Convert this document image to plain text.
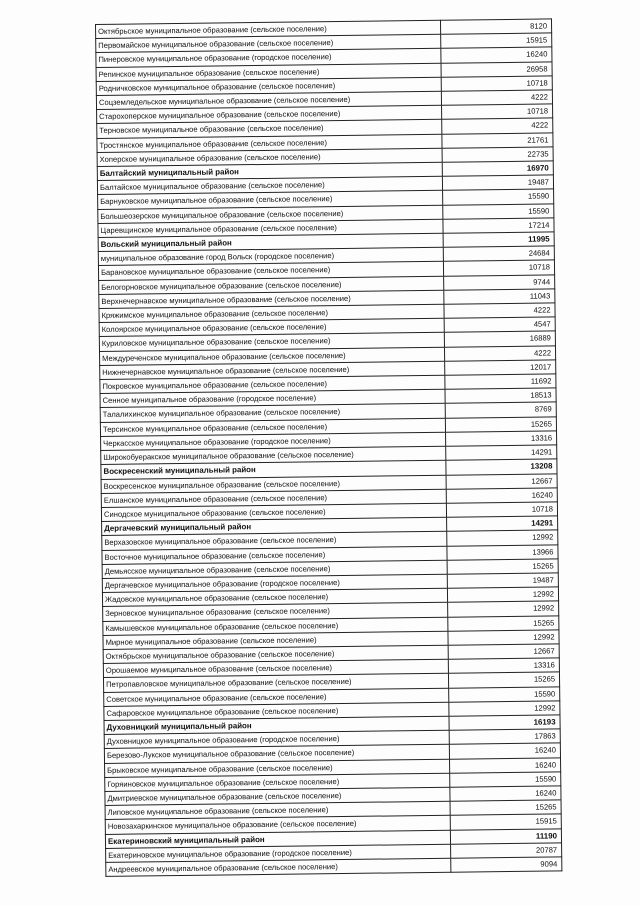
Октябрьское муниципальное образование (сельское поселение)	8120
Первомайское муниципальное образование (сельское поселение)	15915
Пинеровское муниципальное образование (городское поселение)	16240
Репинское муниципальное образование (сельское поселение)	26958
Родничковское муниципальное образование (сельское поселение)	10718
Соцземледельское муниципальное образование (сельское поселение)	4222
Старохоперское муниципальное образование (сельское поселение)	10718
Терновское муниципальное образование (сельское поселение)	4222
Тростянское муниципальное образование (сельское поселение)	21761
Хоперское муниципальное образование (сельское поселение)	22735
Балтайский муниципальный район	16970
Балтайское муниципальное образование (сельское поселение)	19487
Барнуковское муниципальное образование (сельское поселение)	15590
Большеозерское муниципальное образование (сельское поселение)	15590
Царевщинское муниципальное образование (сельское поселение)	17214
Вольский муниципальный район	11995
муниципальное образование город Вольск (городское поселение)	24684
Барановское муниципальное образование (сельское поселение)	10718
Белогорновское муниципальное образование (сельское поселение)	9744
Верхнечернавское муниципальное образование (сельское поселение)	11043
Кряжимское муниципальное образование (сельское поселение)	4222
Колоярское муниципальное образование (сельское поселение)	4547
Куриловское муниципальное образование (сельское поселение)	16889
Междуреченское муниципальное образование (сельское поселение)	4222
Нижнечернавское муниципальное образование (сельское поселение)	12017
Покровское муниципальное образование (сельское поселение)	11692
Сенное муниципальное образование (городское поселение)	18513
Талалихинское муниципальное образование (сельское поселение)	8769
Терсинское муниципальное образование (сельское поселение)	15265
Черкасское муниципальное образование (городское поселение)	13316
Широкобуеракское муниципальное образование (сельское поселение)	14291
Воскресенский муниципальный район	13208
Воскресенское муниципальное образование (сельское поселение)	12667
Елшанское муниципальное образование (сельское поселение)	16240
Синодское муниципальное образование (сельское поселение)	10718
Дергачевский муниципальный район	14291
Верхазовское муниципальное образование (сельское поселение)	12992
Восточное муниципальное образование (сельское поселение)	13966
Демьясское муниципальное образование (сельское поселение)	15265
Дергачевское муниципальное образование (городское поселение)	19487
Жадовское муниципальное образование (сельское поселение)	12992
Зерновское муниципальное образование (сельское поселение)	12992
Камышевское муниципальное образование (сельское поселение)	15265
Мирное муниципальное образование (сельское поселение)	12992
Октябрьское муниципальное образование (сельское поселение)	12667
Орошаемое муниципальное образование (сельское поселение)	13316
Петропавловское муниципальное образование (сельское поселение)	15265
Советское муниципальное образование (сельское поселение)	15590
Сафаровское муниципальное образование (сельское поселение)	12992
Духовницкий муниципальный район	16193
Духовницкое муниципальное образование (городское поселение)	17863
Березово-Лукское муниципальное образование (сельское поселение)	16240
Брыковское муниципальное образование (сельское поселение)	16240
Горяиновское муниципальное образование (сельское поселение)	15590
Дмитриевское муниципальное образование (сельское поселение)	16240
Липовское муниципальное образование (сельское поселение)	15265
Новозахаркинское муниципальное образование (сельское поселение)	15915
Екатериновский муниципальный район	11190
Екатериновское муниципальное образование (городское поселение)	20787
Андреевское муниципальное образование (сельское поселение)	9094
